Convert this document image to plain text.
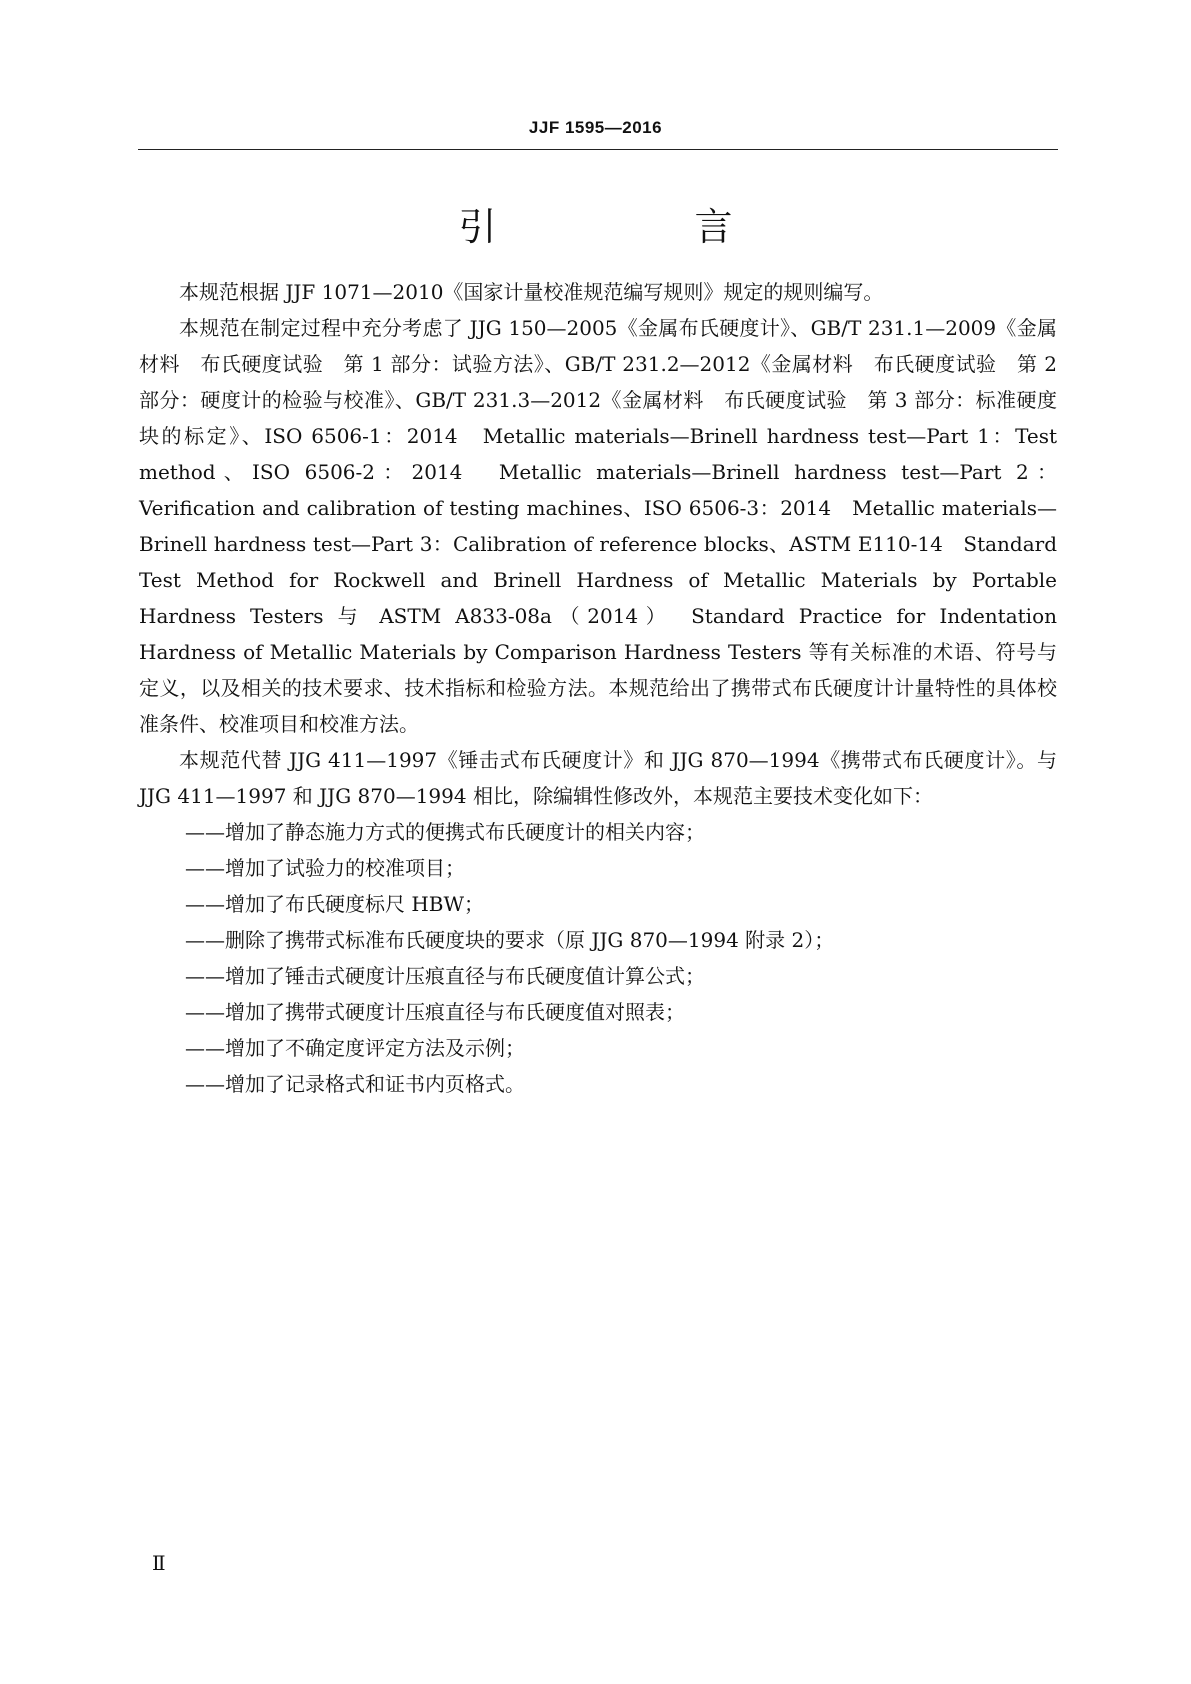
JJF 1595—2016
引　言

本规范根据 JJF 1071—2010《国家计量校准规范编写规则》规定的规则编写。

本规范在制定过程中充分考虑了 JJG 150—2005《金属布氏硬度计》、GB/T 231.1—2009《金属材料　布氏硬度试验　第 1 部分：试验方法》、GB/T 231.2—2012《金属材料　布氏硬度试验　第 2 部分：硬度计的检验与校准》、GB/T 231.3—2012《金属材料　布氏硬度试验　第 3 部分：标准硬度块的标定》、ISO 6506-1：2014　Metallic materials—Brinell hardness test—Part 1：Test method、ISO 6506-2：2014　Metallic materials—Brinell hardness test—Part 2：Verification and calibration of testing machines、ISO 6506-3：2014　Metallic materials—Brinell hardness test—Part 3：Calibration of reference blocks、ASTM E110-14　Standard Test Method for Rockwell and Brinell Hardness of Metallic Materials by Portable Hardness Testers 与 ASTM A833-08a（2014）　Standard Practice for Indentation Hardness of Metallic Materials by Comparison Hardness Testers 等有关标准的术语、符号与定义，以及相关的技术要求、技术指标和检验方法。本规范给出了携带式布氏硬度计计量特性的具体校准条件、校准项目和校准方法。

本规范代替 JJG 411—1997《锤击式布氏硬度计》和 JJG 870—1994《携带式布氏硬度计》。与 JJG 411—1997 和 JJG 870—1994 相比，除编辑性修改外，本规范主要技术变化如下：

——增加了静态施力方式的便携式布氏硬度计的相关内容；
——增加了试验力的校准项目；
——增加了布氏硬度标尺 HBW；
——删除了携带式标准布氏硬度块的要求（原 JJG 870—1994 附录 2）；
——增加了锤击式硬度计压痕直径与布氏硬度值计算公式；
——增加了携带式硬度计压痕直径与布氏硬度值对照表；
——增加了不确定度评定方法及示例；
——增加了记录格式和证书内页格式。
Ⅱ
